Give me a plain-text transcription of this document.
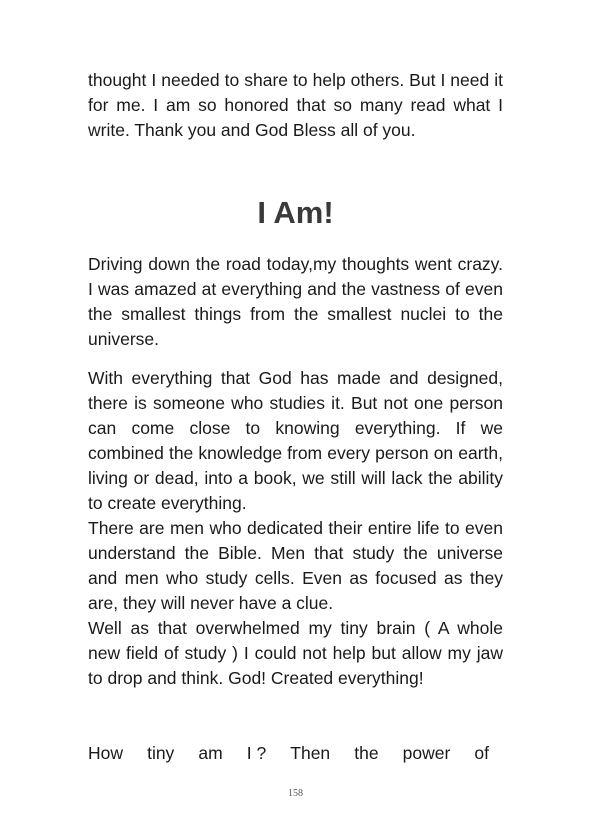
thought I needed to share to help others. But I need it for me. I am so honored that so many read what I write. Thank you and God Bless all of you.

I Am!

Driving down the road today,my thoughts went crazy. I was amazed at everything and the vastness of even the smallest things from the smallest nuclei to the universe.

With everything that God has made and designed, there is someone who studies it. But not one person can come close to knowing everything. If we combined the knowledge from every person on earth, living or dead, into a book, we still will lack the ability to create everything.

There are men who dedicated their entire life to even understand the Bible. Men that study the universe and men who study cells. Even as focused as they are, they will never have a clue.

Well as that overwhelmed my tiny brain ( A whole new field of study ) I could not help but allow my jaw to drop and think. God! Created everything!

How tiny am I ? Then the power of
158
